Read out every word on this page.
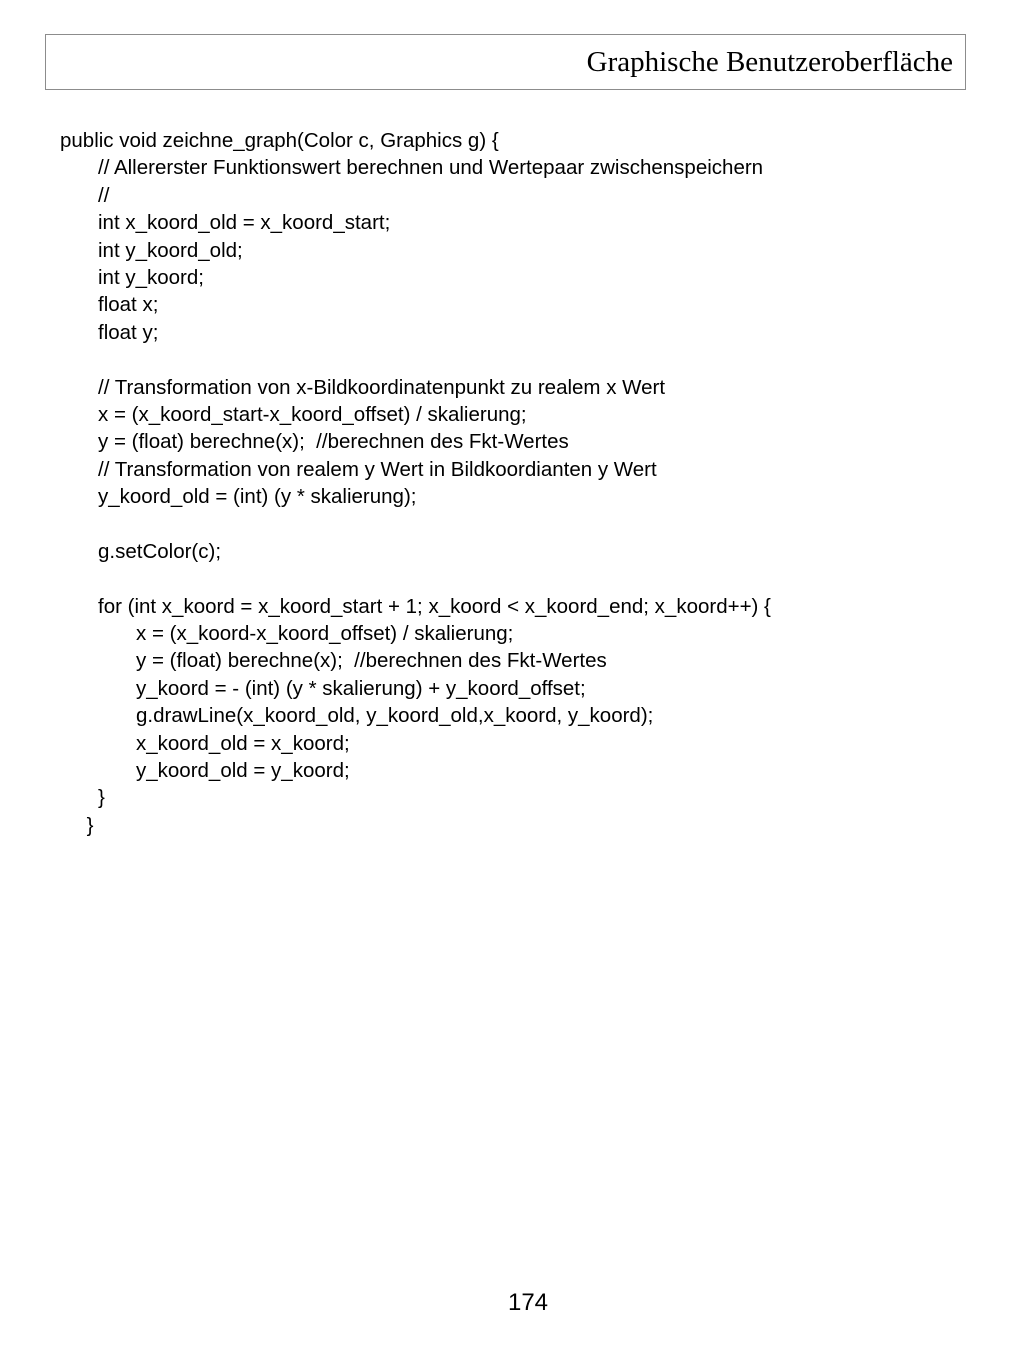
Graphische Benutzeroberfläche
public void zeichne_graph(Color c, Graphics g) {
// Allererster Funktionswert berechnen und Wertepaar zwischenspeichern
//
int x_koord_old = x_koord_start;
int y_koord_old;
int y_koord;
float x;
float y;
// Transformation von x-Bildkoordinatenpunkt zu realem x Wert
x = (x_koord_start-x_koord_offset) / skalierung;
y = (float) berechne(x);  //berechnen des Fkt-Wertes
// Transformation von realem y Wert in Bildkoordianten y Wert
y_koord_old = (int) (y * skalierung);
g.setColor(c);
for (int x_koord = x_koord_start + 1; x_koord < x_koord_end; x_koord++) {
x = (x_koord-x_koord_offset) / skalierung;
y = (float) berechne(x);  //berechnen des Fkt-Wertes
y_koord = - (int) (y * skalierung) + y_koord_offset;
g.drawLine(x_koord_old, y_koord_old,x_koord, y_koord);
x_koord_old = x_koord;
y_koord_old = y_koord;
}
}
174
